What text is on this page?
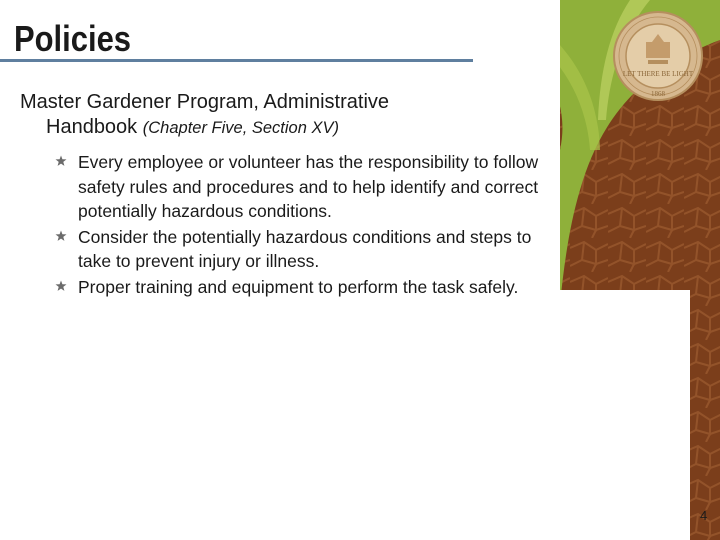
LET THERE BE LIGHT
1868
Policies
Master Gardener Program, Administrative
Handbook (Chapter Five, Section XV)
Every employee or volunteer has the responsibility to follow safety rules and procedures and to help identify and correct potentially hazardous conditions.
Consider the potentially hazardous conditions and steps to take to prevent injury or illness.
Proper training and equipment to perform the task safely.
4
